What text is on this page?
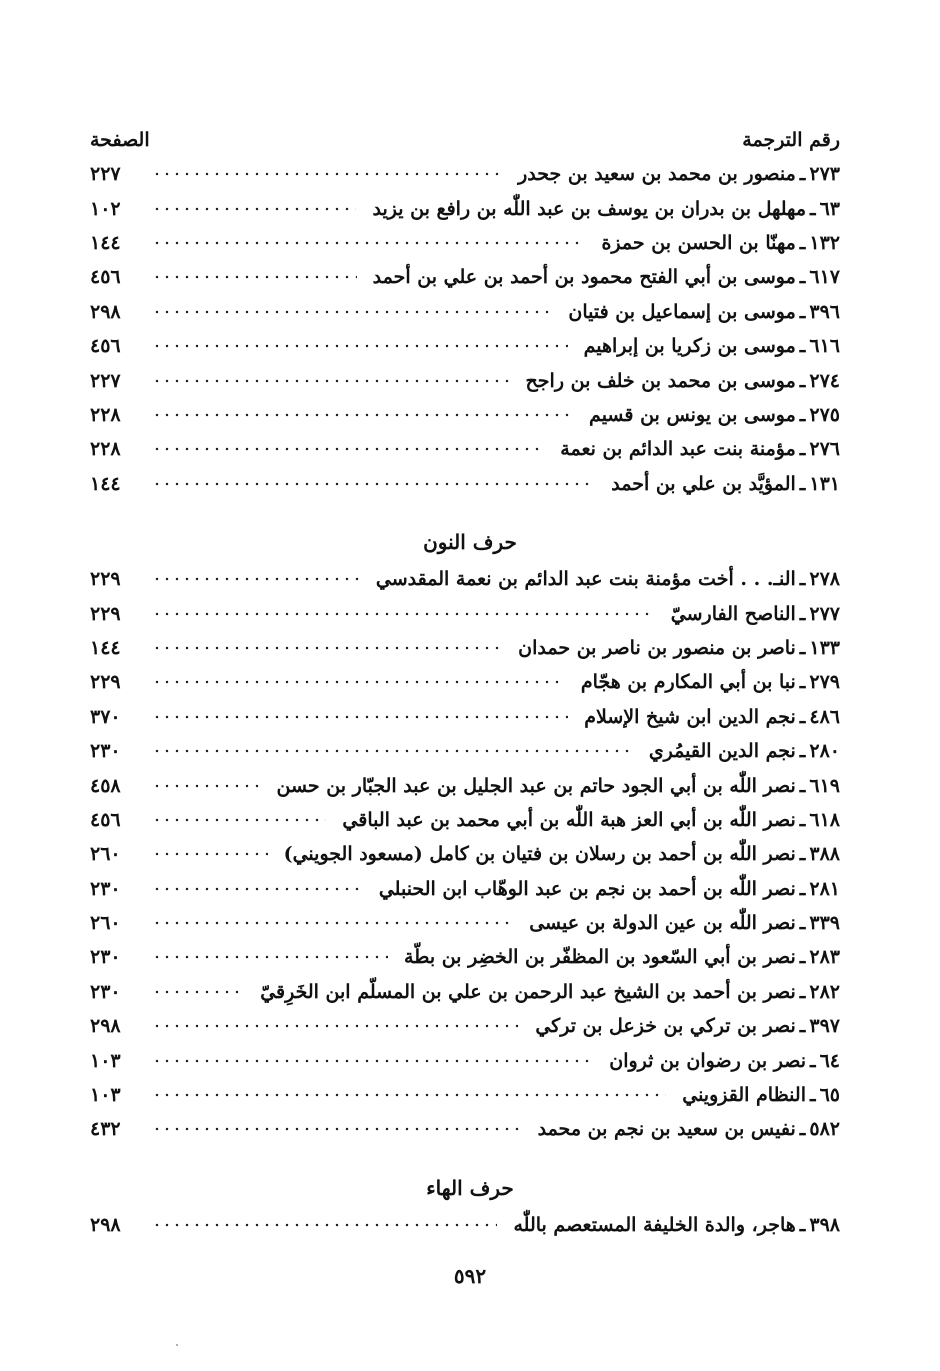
رقم الترجمة
الصفحة
٢٧٣
ـ
منصور بن محمد بن سعيد بن جحدر
٢٢٧
٦٣
ـ
مهلهل بن بدران بن يوسف بن عبد اللّٰه بن رافع بن يزيد
١٠٢
١٣٢
ـ
مهنّا بن الحسن بن حمزة
١٤٤
٦١٧
ـ
موسى بن أبي الفتح محمود بن أحمد بن علي بن أحمد
٤٥٦
٣٩٦
ـ
موسى بن إسماعيل بن فتيان
٢٩٨
٦١٦
ـ
موسى بن زكريا بن إبراهيم
٤٥٦
٢٧٤
ـ
موسى بن محمد بن خلف بن راجح
٢٢٧
٢٧٥
ـ
موسى بن يونس بن قسيم
٢٢٨
٢٧٦
ـ
مؤمنة بنت عبد الدائم بن نعمة
٢٢٨
١٣١
ـ
المؤيَّد بن علي بن أحمد
١٤٤
حرف النون
٢٧٨
ـ
النـ. . . أخت مؤمنة بنت عبد الدائم بن نعمة المقدسي
٢٢٩
٢٧٧
ـ
الناصح الفارسيّ
٢٢٩
١٣٣
ـ
ناصر بن منصور بن ناصر بن حمدان
١٤٤
٢٧٩
ـ
نبا بن أبي المكارم بن هجّام
٢٢٩
٤٨٦
ـ
نجم الدين ابن شيخ الإسلام
٣٧٠
٢٨٠
ـ
نجم الدين القيمُري
٢٣٠
٦١٩
ـ
نصر اللّٰه بن أبي الجود حاتم بن عبد الجليل بن عبد الجبّار بن حسن
٤٥٨
٦١٨
ـ
نصر اللّٰه بن أبي العز هبة اللّٰه بن أبي محمد بن عبد الباقي
٤٥٦
٣٨٨
ـ
نصر اللّٰه بن أحمد بن رسلان بن فتيان بن كامل (مسعود الجويني)
٢٦٠
٢٨١
ـ
نصر اللّٰه بن أحمد بن نجم بن عبد الوهّاب ابن الحنبلي
٢٣٠
٣٣٩
ـ
نصر اللّٰه بن عين الدولة بن عيسى
٢٦٠
٢٨٣
ـ
نصر بن أبي السّعود بن المظفّر بن الخضِر بن بطّة
٢٣٠
٢٨٢
ـ
نصر بن أحمد بن الشيخ عبد الرحمن بن علي بن المسلّم ابن الخَرِقيّ
٢٣٠
٣٩٧
ـ
نصر بن تركي بن خزعل بن تركي
٢٩٨
٦٤
ـ
نصر بن رضوان بن ثروان
١٠٣
٦٥
ـ
النظام القزويني
١٠٣
٥٨٢
ـ
نفيس بن سعيد بن نجم بن محمد
٤٣٢
حرف الهاء
٣٩٨
ـ
هاجر، والدة الخليفة المستعصم باللّٰه
٢٩٨
٥٩٢
